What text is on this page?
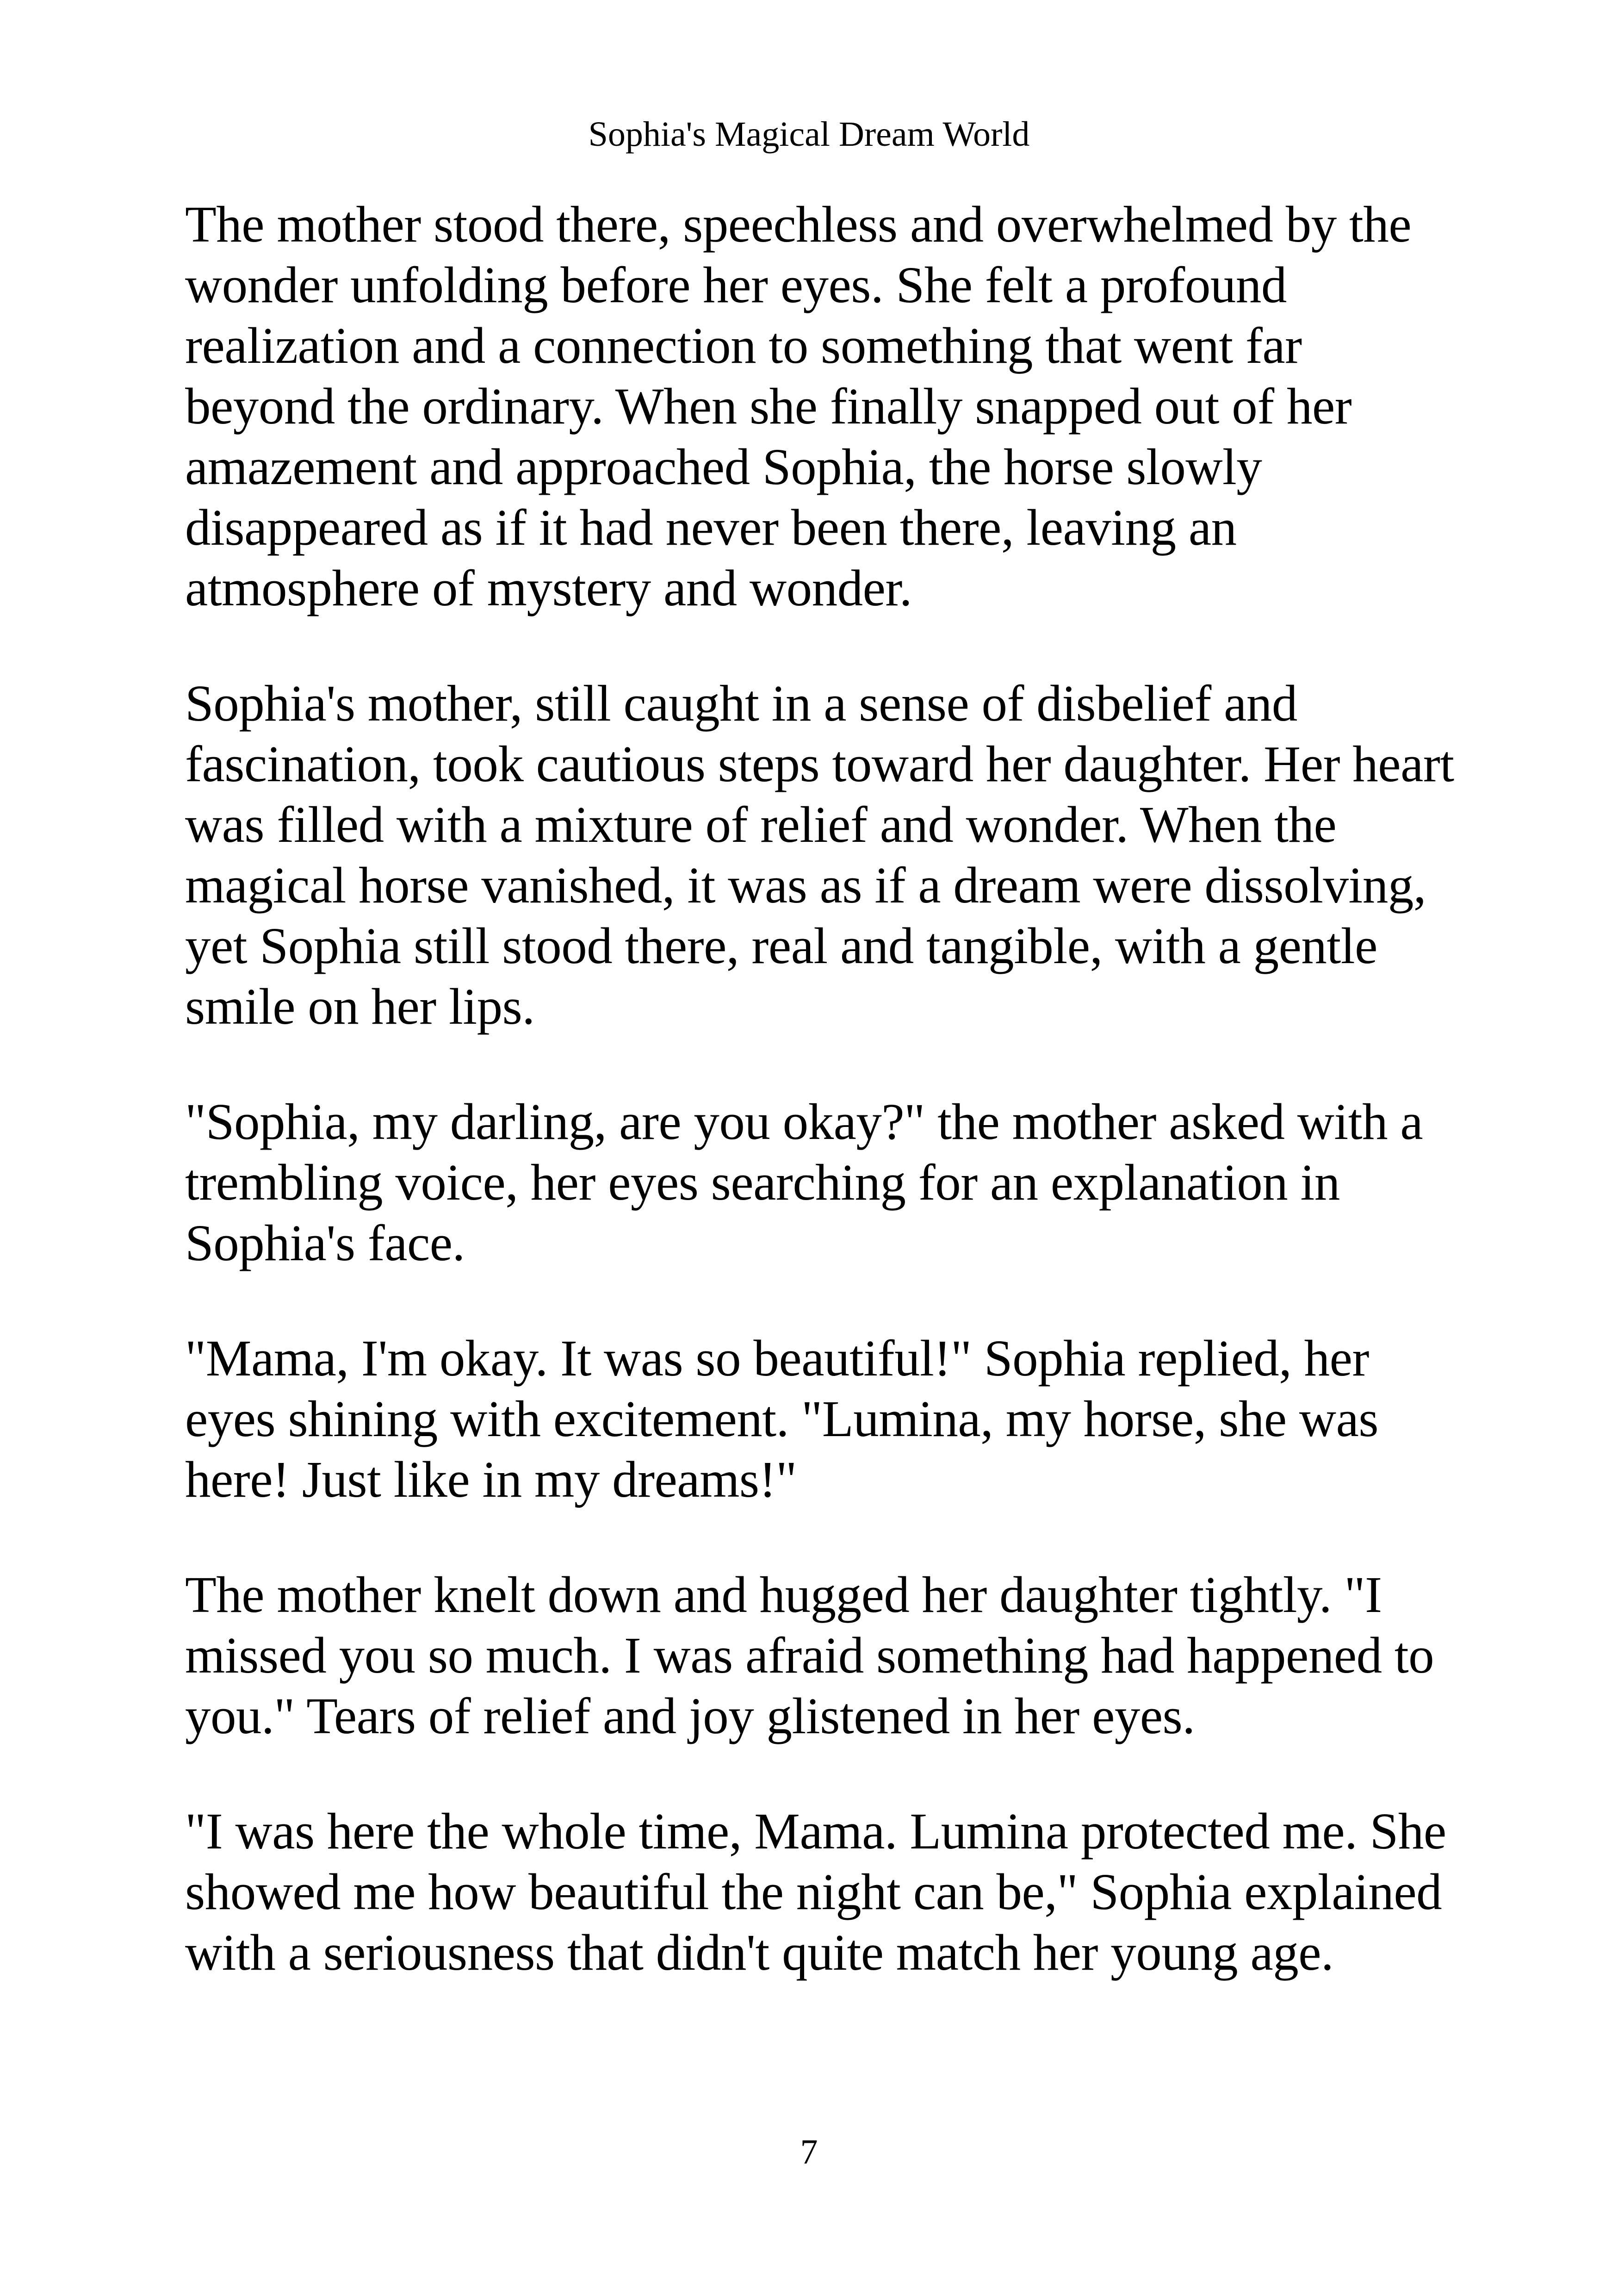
Sophia's Magical Dream World

The mother stood there, speechless and overwhelmed by the wonder unfolding before her eyes. She felt a profound realization and a connection to something that went far beyond the ordinary. When she finally snapped out of her amazement and approached Sophia, the horse slowly disappeared as if it had never been there, leaving an atmosphere of mystery and wonder.

Sophia's mother, still caught in a sense of disbelief and fascination, took cautious steps toward her daughter. Her heart was filled with a mixture of relief and wonder. When the magical horse vanished, it was as if a dream were dissolving, yet Sophia still stood there, real and tangible, with a gentle smile on her lips.

"Sophia, my darling, are you okay?" the mother asked with a trembling voice, her eyes searching for an explanation in Sophia's face.

"Mama, I'm okay. It was so beautiful!" Sophia replied, her eyes shining with excitement. "Lumina, my horse, she was here! Just like in my dreams!"

The mother knelt down and hugged her daughter tightly. "I missed you so much. I was afraid something had happened to you." Tears of relief and joy glistened in her eyes.

"I was here the whole time, Mama. Lumina protected me. She showed me how beautiful the night can be," Sophia explained with a seriousness that didn't quite match her young age.

7
